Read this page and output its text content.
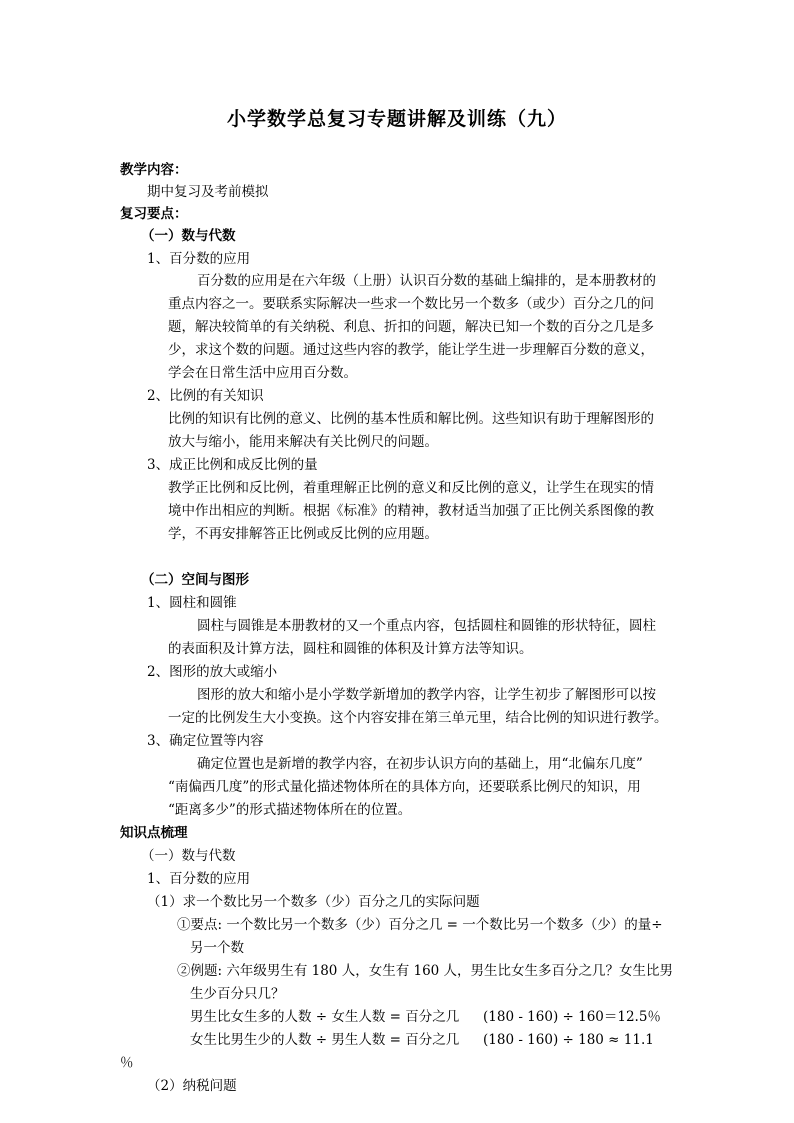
小学数学总复习专题讲解及训练（九）
教学内容：
期中复习及考前模拟
复习要点：
（一）数与代数
1、百分数的应用
百分数的应用是在六年级（上册）认识百分数的基础上编排的，是本册教材的
重点内容之一。要联系实际解决一些求一个数比另一个数多（或少）百分之几的问
题，解决较简单的有关纳税、利息、折扣的问题，解决已知一个数的百分之几是多
少，求这个数的问题。通过这些内容的教学，能让学生进一步理解百分数的意义，
学会在日常生活中应用百分数。
2、比例的有关知识
比例的知识有比例的意义、比例的基本性质和解比例。这些知识有助于理解图形的
放大与缩小，能用来解决有关比例尺的问题。
3、成正比例和成反比例的量
教学正比例和反比例，着重理解正比例的意义和反比例的意义，让学生在现实的情
境中作出相应的判断。根据《标准》的精神，教材适当加强了正比例关系图像的教
学，不再安排解答正比例或反比例的应用题。
（二）空间与图形
1、圆柱和圆锥
圆柱与圆锥是本册教材的又一个重点内容，包括圆柱和圆锥的形状特征，圆柱
的表面积及计算方法，圆柱和圆锥的体积及计算方法等知识。
2、图形的放大或缩小
图形的放大和缩小是小学数学新增加的教学内容，让学生初步了解图形可以按
一定的比例发生大小变换。这个内容安排在第三单元里，结合比例的知识进行教学。
3、确定位置等内容
确定位置也是新增的教学内容，在初步认识方向的基础上，用“北偏东几度”
“南偏西几度”的形式量化描述物体所在的具体方向，还要联系比例尺的知识，用
“距离多少”的形式描述物体所在的位置。
知识点梳理
（一）数与代数
1、百分数的应用
（1）求一个数比另一个数多（少）百分之几的实际问题
①要点: 一个数比另一个数多（少）百分之几 = 一个数比另一个数多（少）的量÷
另一个数
②例题: 六年级男生有 180 人，女生有 160 人，男生比女生多百分之几？女生比男
生少百分只几？
男生比女生多的人数 ÷ 女生人数 = 百分之几 (180 - 160) ÷ 160＝12.5％
女生比男生少的人数 ÷ 男生人数 = 百分之几 (180 - 160) ÷ 180 ≈ 11.1
％
（2）纳税问题
